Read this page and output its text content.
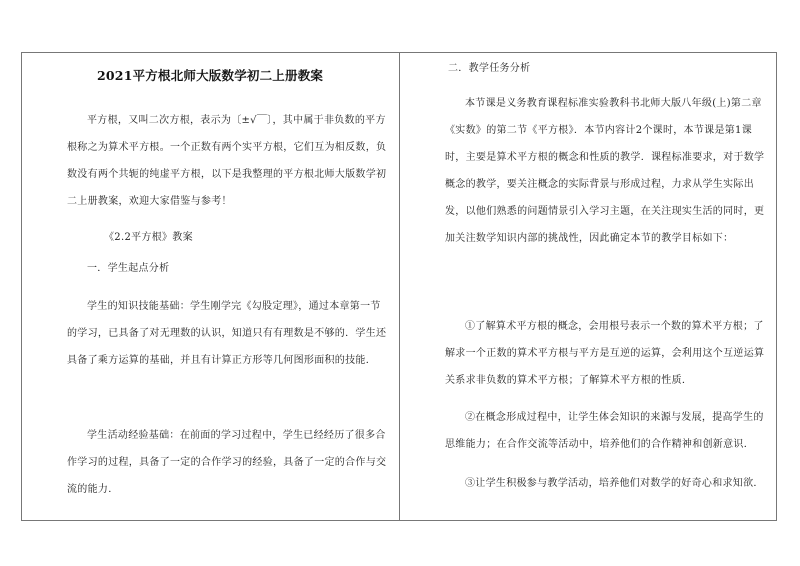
2021平方根北师大版数学初二上册教案

平方根，又叫二次方根，表示为〔±√￣〕，其中属于非负数的平方根称之为算术平方根。一个正数有两个实平方根，它们互为相反数，负数没有两个共轭的纯虚平方根，以下是我整理的平方根北师大版数学初二上册教案，欢迎大家借鉴与参考！

《2.2平方根》教案

一．学生起点分析

学生的知识技能基础：学生刚学完《勾股定理》，通过本章第一节的学习，已具备了对无理数的认识，知道只有有理数是不够的．学生还具备了乘方运算的基础，并且有计算正方形等几何图形面积的技能．

学生活动经验基础：在前面的学习过程中，学生已经经历了很多合作学习的过程，具备了一定的合作学习的经验，具备了一定的合作与交流的能力．

二．教学任务分析

本节课是义务教育课程标准实验教科书北师大版八年级(上)第二章《实数》的第二节《平方根》．本节内容计2个课时，本节课是第1课时，主要是算术平方根的概念和性质的教学．课程标准要求，对于数学概念的教学，要关注概念的实际背景与形成过程，力求从学生实际出发，以他们熟悉的问题情景引入学习主题，在关注现实生活的同时，更加关注数学知识内部的挑战性，因此确定本节的教学目标如下：

①了解算术平方根的概念，会用根号表示一个数的算术平方根；了解求一个正数的算术平方根与平方是互逆的运算，会利用这个互逆运算关系求非负数的算术平方根；了解算术平方根的性质．

②在概念形成过程中，让学生体会知识的来源与发展，提高学生的思维能力；在合作交流等活动中，培养他们的合作精神和创新意识．

③让学生积极参与教学活动，培养他们对数学的好奇心和求知欲．
